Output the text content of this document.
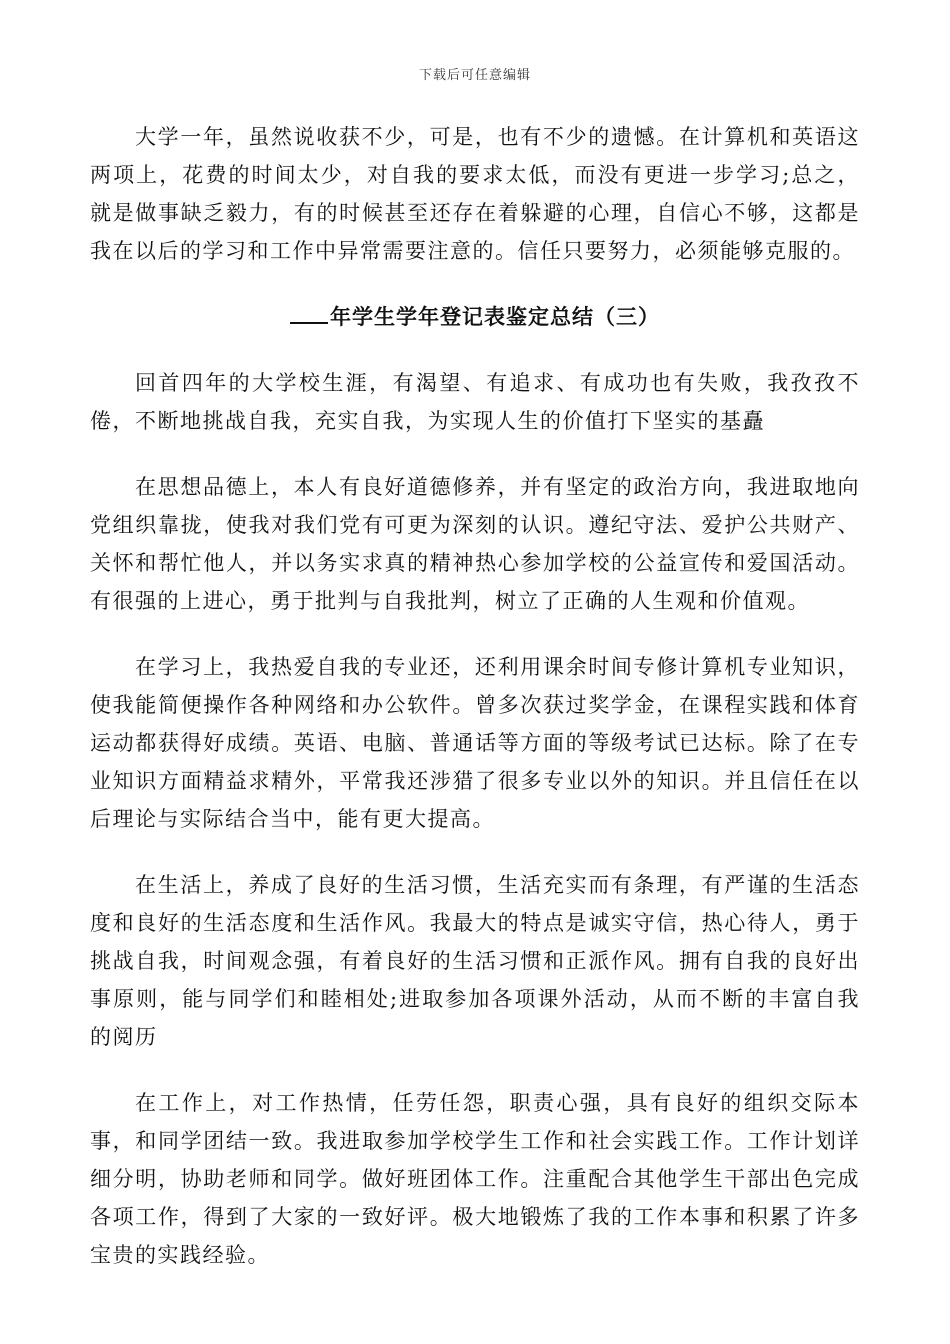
下载后可任意编辑

大学一年，虽然说收获不少，可是，也有不少的遗憾。在计算机和英语这两项上，花费的时间太少，对自我的要求太低，而没有更进一步学习;总之，就是做事缺乏毅力，有的时候甚至还存在着躲避的心理，自信心不够，这都是我在以后的学习和工作中异常需要注意的。信任只要努力，必须能够克服的。

年学生学年登记表鉴定总结（三）

回首四年的大学校生涯，有渴望、有追求、有成功也有失败，我孜孜不倦，不断地挑战自我，充实自我，为实现人生的价值打下坚实的基矗

在思想品德上，本人有良好道德修养，并有坚定的政治方向，我进取地向党组织靠拢，使我对我们党有可更为深刻的认识。遵纪守法、爱护公共财产、关怀和帮忙他人，并以务实求真的精神热心参加学校的公益宣传和爱国活动。有很强的上进心，勇于批判与自我批判，树立了正确的人生观和价值观。

在学习上，我热爱自我的专业还，还利用课余时间专修计算机专业知识，使我能简便操作各种网络和办公软件。曾多次获过奖学金，在课程实践和体育运动都获得好成绩。英语、电脑、普通话等方面的等级考试已达标。除了在专业知识方面精益求精外，平常我还涉猎了很多专业以外的知识。并且信任在以后理论与实际结合当中，能有更大提高。

在生活上，养成了良好的生活习惯，生活充实而有条理，有严谨的生活态度和良好的生活态度和生活作风。我最大的特点是诚实守信，热心待人，勇于挑战自我，时间观念强，有着良好的生活习惯和正派作风。拥有自我的良好出事原则，能与同学们和睦相处;进取参加各项课外活动，从而不断的丰富自我的阅历

在工作上，对工作热情，任劳任怨，职责心强，具有良好的组织交际本事，和同学团结一致。我进取参加学校学生工作和社会实践工作。工作计划详细分明，协助老师和同学。做好班团体工作。注重配合其他学生干部出色完成各项工作，得到了大家的一致好评。极大地锻炼了我的工作本事和积累了许多宝贵的实践经验。
